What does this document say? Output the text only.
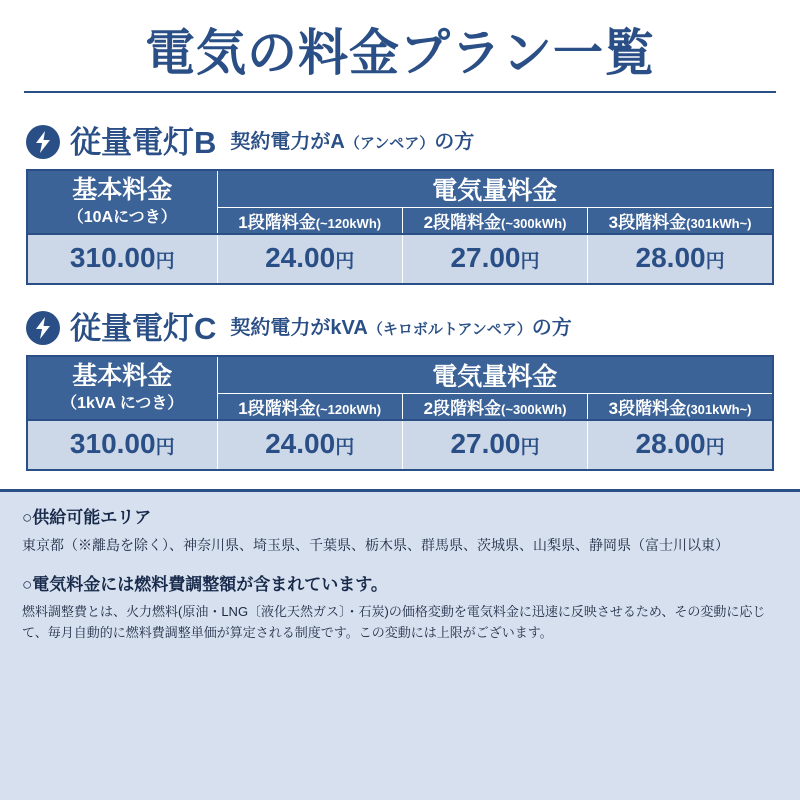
電気の料金プラン一覧
従量電灯B 契約電力がA（アンペア）の方
基本料金
（10Aにつき）	電気量料金		
	1段階料金(~120kWh)	2段階料金(~300kWh)	3段階料金(301kWh~)
310.00円	24.00円	27.00円	28.00円
従量電灯C 契約電力がkVA（キロボルトアンペア）の方
基本料金
（1kVA につき）	電気量料金		
	1段階料金(~120kWh)	2段階料金(~300kWh)	3段階料金(301kWh~)
310.00円	24.00円	27.00円	28.00円

○供給可能エリア

東京都（※離島を除く）、神奈川県、埼玉県、千葉県、栃木県、群馬県、茨城県、山梨県、静岡県（富士川以東）

○電気料金には燃料費調整額が含まれています。

燃料調整費とは、火力燃料(原油・LNG〔液化天然ガス〕・石炭)の価格変動を電気料金に迅速に反映させるため、その変動に応じて、毎月自動的に燃料費調整単価が算定される制度です。この変動には上限がございます。
